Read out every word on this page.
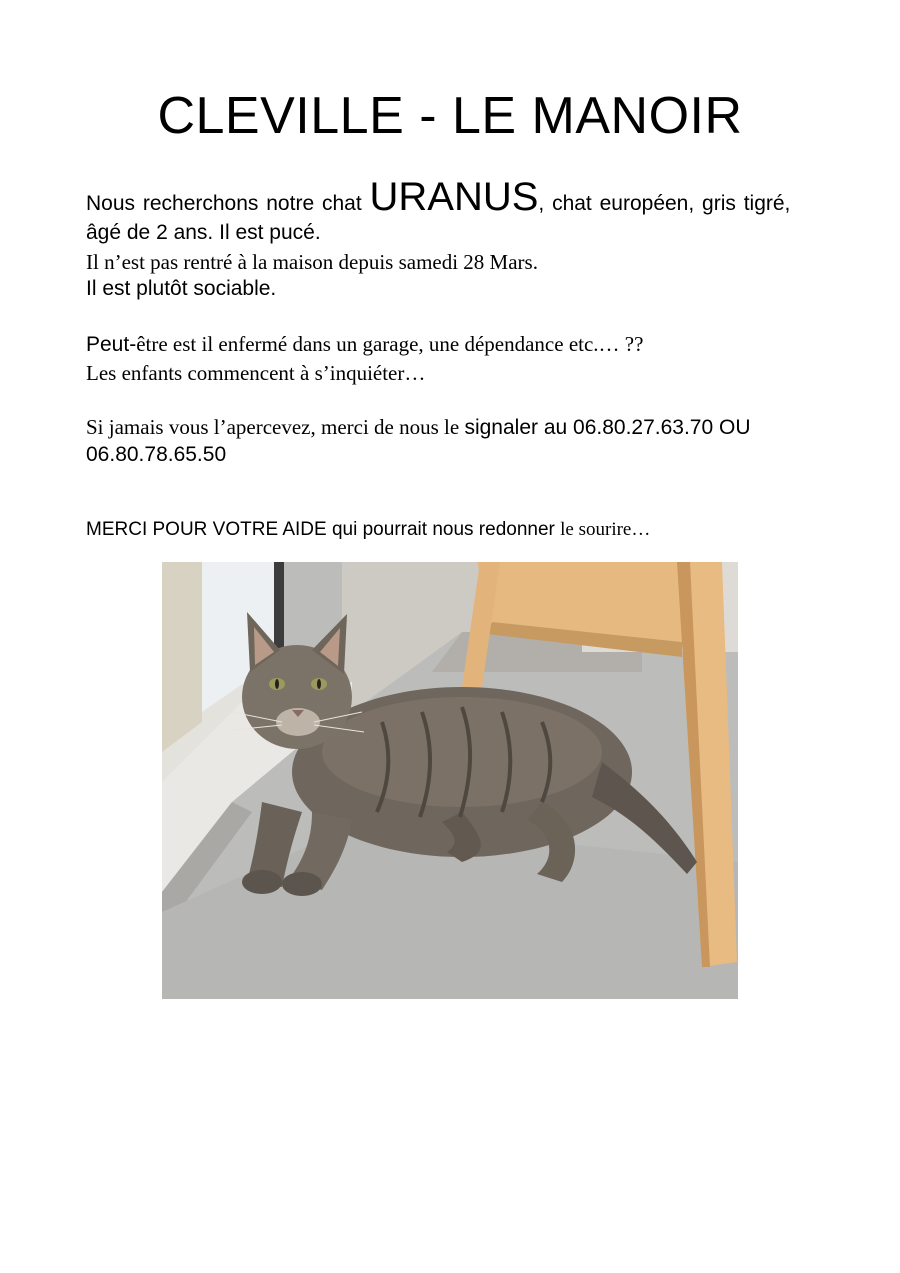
CLEVILLE - LE MANOIR
Nous recherchons notre chat URANUS, chat européen, gris tigré,
âgé de 2 ans. Il est pucé.
Il n’est pas rentré à la maison depuis samedi 28 Mars.
Il est plutôt sociable.
Peut-être est il enfermé dans un garage, une dépendance etc.… ??
Les enfants commencent à s’inquiéter…
Si jamais vous l’apercevez, merci de nous le signaler au 06.80.27.63.70 OU
06.80.78.65.50
MERCI POUR VOTRE AIDE qui pourrait nous redonner le sourire…
